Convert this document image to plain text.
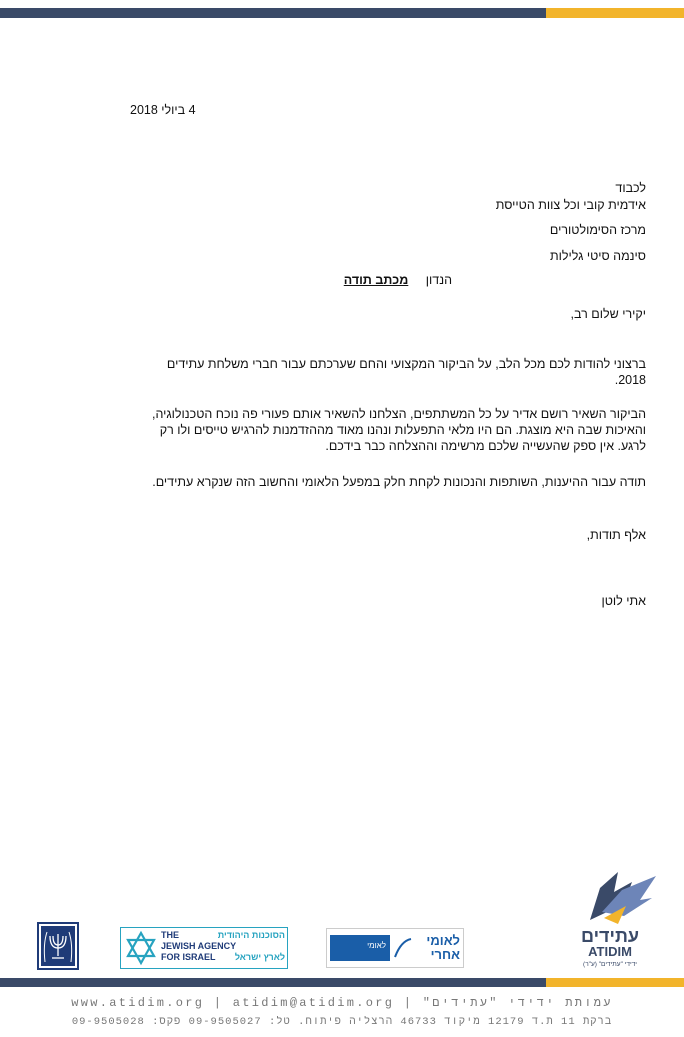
4 ביולי 2018
לכבוד
אידמית קובי וכל צוות הטייסת
מרכז הסימולטורים
סינמה סיטי גלילות
הנדון מכתב תודה
יקירי שלום רב,
ברצוני להודות לכם מכל הלב, על הביקור המקצועי והחם שערכתם עבור חברי משלחת עתידים 2018.
הביקור השאיר רושם אדיר על כל המשתתפים, הצלחנו להשאיר אותם פעורי פה נוכח הטכנולוגיה, והאיכות שבה היא מוצגת. הם היו מלאי התפעלות ונהנו מאוד מההזדמנות להרגיש טייסים ולו רק לרגע. אין ספק שהעשייה שלכם מרשימה וההצלחה כבר בידכם.
תודה עבור ההיענות, השותפות והנכונות לקחת חלק במפעל הלאומי והחשוב הזה שנקרא עתידים.
אלף תודות,
אתי לוטן
THE	הסוכנות היהודית
JEWISH AGENCY
FOR ISRAEL לארץ ישראל
לאומי	לאומי אחרי
עתידים
ATIDIM
ידידי "עתידים" (ע"ר)
עמותת ידידי "עתידים" | www.atidim.org | atidim@atidim.org
ברקת 11 ת.ד 12179 מיקוד 46733 הרצליה פיתוח. טל: 09-9505027 פקס: 09-9505028
